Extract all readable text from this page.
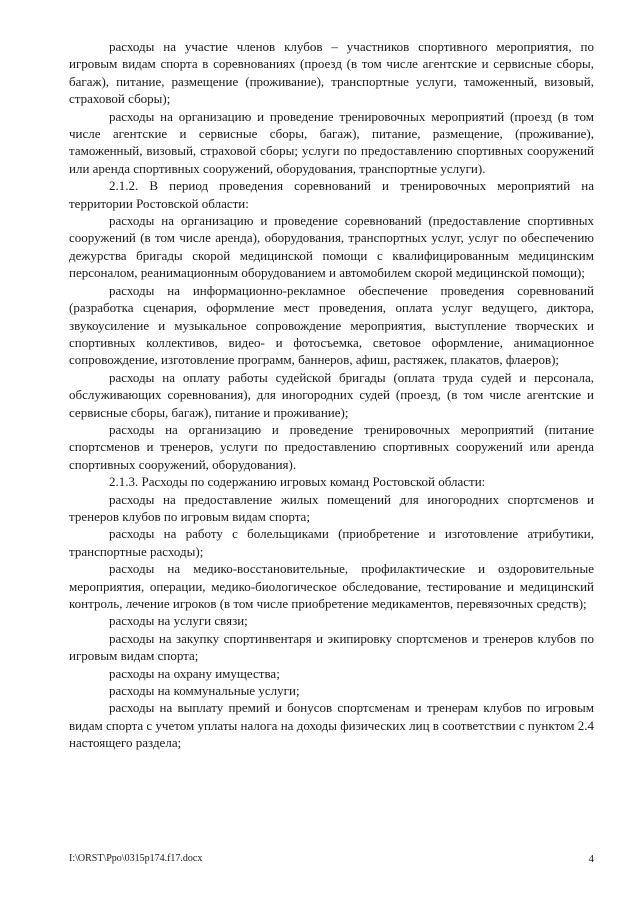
расходы на участие членов клубов – участников спортивного мероприятия, по игровым видам спорта в соревнованиях (проезд (в том числе агентские и сервисные сборы, багаж), питание, размещение (проживание), транспортные услуги, таможенный, визовый, страховой сборы);

расходы на организацию и проведение тренировочных мероприятий (проезд (в том числе агентские и сервисные сборы, багаж), питание, размещение, (проживание), таможенный, визовый, страховой сборы; услуги по предоставлению спортивных сооружений или аренда спортивных сооружений, оборудования, транспортные услуги).

2.1.2. В период проведения соревнований и тренировочных мероприятий на территории Ростовской области:

расходы на организацию и проведение соревнований (предоставление спортивных сооружений (в том числе аренда), оборудования, транспортных услуг, услуг по обеспечению дежурства бригады скорой медицинской помощи с квалифицированным медицинским персоналом, реанимационным оборудованием и автомобилем скорой медицинской помощи);

расходы на информационно-рекламное обеспечение проведения соревнований (разработка сценария, оформление мест проведения, оплата услуг ведущего, диктора, звукоусиление и музыкальное сопровождение мероприятия, выступление творческих и спортивных коллективов, видео- и фотосъемка, световое оформление, анимационное сопровождение, изготовление программ, баннеров, афиш, растяжек, плакатов, флаеров);

расходы на оплату работы судейской бригады (оплата труда судей и персонала, обслуживающих соревнования), для иногородних судей (проезд, (в том числе агентские и сервисные сборы, багаж), питание и проживание);

расходы на организацию и проведение тренировочных мероприятий (питание спортсменов и тренеров, услуги по предоставлению спортивных сооружений или аренда спортивных сооружений, оборудования).

2.1.3. Расходы по содержанию игровых команд Ростовской области:

расходы на предоставление жилых помещений для иногородних спортсменов и тренеров клубов по игровым видам спорта;

расходы на работу с болельщиками (приобретение и изготовление атрибутики, транспортные расходы);

расходы на медико-восстановительные, профилактические и оздоровительные мероприятия, операции, медико-биологическое обследование, тестирование и медицинский контроль, лечение игроков (в том числе приобретение медикаментов, перевязочных средств);

расходы на услуги связи;

расходы на закупку спортинвентаря и экипировку спортсменов и тренеров клубов по игровым видам спорта;

расходы на охрану имущества;

расходы на коммунальные услуги;

расходы на выплату премий и бонусов спортсменам и тренерам клубов по игровым видам спорта с учетом уплаты налога на доходы физических лиц в соответствии с пунктом 2.4 настоящего раздела;

I:\ORST\Ppo\0315p174.f17.docx	4
